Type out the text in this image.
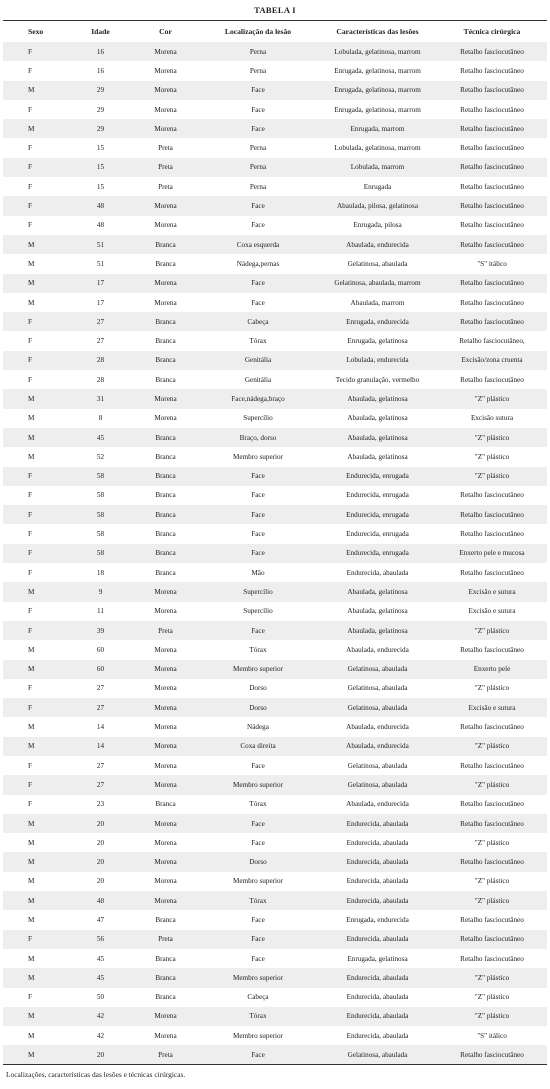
TABELA I
Sexo	Idade	Cor	Localização da lesão	Características das lesões	Técnica cirúrgica
F	16	Morena	Perna	Lobulada, gelatinosa, marrom	Retalho fasciocutâneo
F	16	Morena	Perna	Enrugada, gelatinosa, marrom	Retalho fasciocutâneo
M	29	Morena	Face	Enrugada, gelatinosa, marrom	Retalho fasciocutâneo
F	29	Morena	Face	Enrugada, gelatinosa, marrom	Retalho fasciocutâneo
M	29	Morena	Face	Enrugada, marrom	Retalho fasciocutâneo
F	15	Preta	Perna	Lobulada, gelatinosa, marrom	Retalho fasciocutâneo
F	15	Preta	Perna	Lobulada, marrom	Retalho fasciocutâneo
F	15	Preta	Perna	Enrugada	Retalho fasciocutâneo
F	48	Morena	Face	Abaulada, pilosa, gelatinosa	Retalho fasciocutâneo
F	48	Morena	Face	Enrugada, pilosa	Retalho fasciocutâneo
M	51	Branca	Coxa esquerda	Abaulada, endurecida	Retalho fasciocutâneo
M	51	Branca	Nádega,pernas	Gelatinosa, abaulada	"S" itálico
M	17	Morena	Face	Gelatinosa, abaulada, marrom	Retalho fasciocutâneo
M	17	Morena	Face	Abaulada, marrom	Retalho fasciocutâneo
F	27	Branca	Cabeça	Enrugada, endurecida	Retalho fasciocutâneo
F	27	Branca	Tórax	Enrugada, gelatinosa	Retalho fasciocutâneo,
F	28	Branca	Genitália	Lobulada, endurecida	Excisão/zona cruenta
F	28	Branca	Genitália	Tecido granulação, vermelho	Retalho fasciocutâneo
M	31	Morena	Face,nádega,braço	Abaulada, gelatinosa	"Z" plástico
M	8	Morena	Supercílio	Abaulada, gelatinosa	Excisão sutura
M	45	Branca	Braço, dorso	Abaulada, gelatinosa	"Z" plástico
M	52	Branca	Membro superior	Abaulada, gelatinosa	"Z" plástico
F	58	Branca	Face	Endurecida, enrugada	"Z" plástico
F	58	Branca	Face	Endurecida, enrugada	Retalho fasciocutâneo
F	58	Branca	Face	Endurecida, enrugada	Retalho fasciocutâneo
F	58	Branca	Face	Endurecida, enrugada	Retalho fasciocutâneo
F	58	Branca	Face	Endurecida, enrugada	Enxerto pele e mucosa
F	18	Branca	Mão	Endurecida, abaulada	Retalho fasciocutâneo
M	9	Morena	Supercílio	Abaulada, gelatinosa	Excisão e sutura
F	11	Morena	Supercílio	Abaulada, gelatinosa	Excisão e sutura
F	39	Preta	Face	Abaulada, gelatinosa	"Z" plástico
M	60	Morena	Tórax	Abaulada, endurecida	Retalho fasciocutâneo
M	60	Morena	Membro superior	Gelatinosa, abaulada	Enxerto pele
F	27	Morena	Dorso	Gelatinosa, abaulada	"Z" plástico
F	27	Morena	Dorso	Gelatinosa, abaulada	Excisão e sutura
M	14	Morena	Nádega	Abaulada, endurecida	Retalho fasciocutâneo
M	14	Morena	Coxa direita	Abaulada, endurecida	"Z" plástico
F	27	Morena	Face	Gelatinosa, abaulada	Retalho fasciocutâneo
F	27	Morena	Membro superior	Gelatinosa, abaulada	"Z" plástico
F	23	Branca	Tórax	Abaulada, endurecida	Retalho fasciocutâneo
M	20	Morena	Face	Endurecida, abaulada	Retalho fasciocutâneo
M	20	Morena	Face	Endurecida, abaulada	"Z" plástico
M	20	Morena	Dorso	Endurecida, abaulada	Retalho fasciocutâneo
M	20	Morena	Membro superior	Endurecida, abaulada	"Z" plástico
M	48	Morena	Tórax	Endurecida, abaulada	"Z" plástico
M	47	Branca	Face	Enrugada, endurecida	Retalho fasciocutâneo
F	56	Preta	Face	Endurecida, abaulada	Retalho fasciocutâneo
M	45	Branca	Face	Enrugada, gelatinosa	Retalho fasciocutâneo
M	45	Branca	Membro superior	Endurecida, abaulada	"Z" plástico
F	50	Branca	Cabeça	Endurecida, abaulada	"Z" plástico
M	42	Morena	Tórax	Endurecida, abaulada	"Z" plástico
M	42	Morena	Membro superior	Endurecida, abaulada	"S" itálico
M	20	Preta	Face	Gelatinosa, abaulada	Retalho fasciocutâneo
Localizações, características das lesões e técnicas cirúrgicas.
